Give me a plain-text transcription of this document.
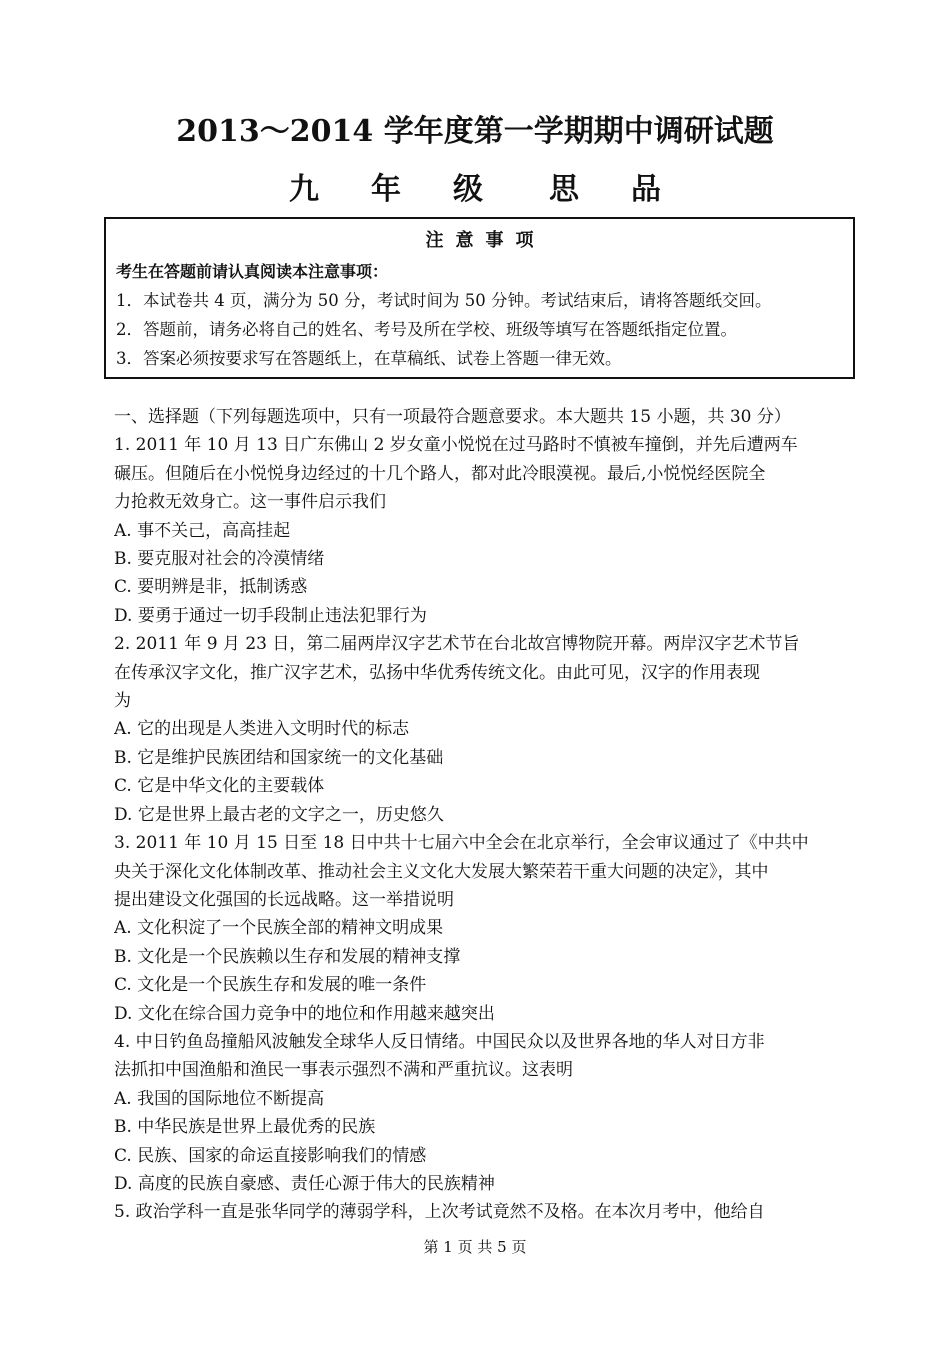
2013～2014 学年度第一学期期中调研试题
九 年 级 思 品
注 意 事 项
考生在答题前请认真阅读本注意事项：
1．本试卷共 4 页，满分为 50 分，考试时间为 50 分钟。考试结束后，请将答题纸交回。
2．答题前，请务必将自己的姓名、考号及所在学校、班级等填写在答题纸指定位置。
3．答案必须按要求写在答题纸上，在草稿纸、试卷上答题一律无效。
一、选择题（下列每题选项中，只有一项最符合题意要求。本大题共 15 小题，共 30 分）
1. 2011 年 10 月 13 日广东佛山 2 岁女童小悦悦在过马路时不慎被车撞倒，并先后遭两车
碾压。但随后在小悦悦身边经过的十几个路人，都对此冷眼漠视。最后,小悦悦经医院全
力抢救无效身亡。这一事件启示我们
A. 事不关己，高高挂起
B. 要克服对社会的冷漠情绪
C. 要明辨是非，抵制诱惑
D. 要勇于通过一切手段制止违法犯罪行为
2. 2011 年 9 月 23 日，第二届两岸汉字艺术节在台北故宫博物院开幕。两岸汉字艺术节旨
在传承汉字文化，推广汉字艺术，弘扬中华优秀传统文化。由此可见，汉字的作用表现
为
A. 它的出现是人类进入文明时代的标志
B. 它是维护民族团结和国家统一的文化基础
C. 它是中华文化的主要载体
D. 它是世界上最古老的文字之一，历史悠久
3. 2011 年 10 月 15 日至 18 日中共十七届六中全会在北京举行，全会审议通过了《中共中
央关于深化文化体制改革、推动社会主义文化大发展大繁荣若干重大问题的决定》，其中
提出建设文化强国的长远战略。这一举措说明
A. 文化积淀了一个民族全部的精神文明成果
B. 文化是一个民族赖以生存和发展的精神支撑
C. 文化是一个民族生存和发展的唯一条件
D. 文化在综合国力竞争中的地位和作用越来越突出
4. 中日钓鱼岛撞船风波触发全球华人反日情绪。中国民众以及世界各地的华人对日方非
法抓扣中国渔船和渔民一事表示强烈不满和严重抗议。这表明
A. 我国的国际地位不断提高
B. 中华民族是世界上最优秀的民族
C. 民族、国家的命运直接影响我们的情感
D. 高度的民族自豪感、责任心源于伟大的民族精神
5. 政治学科一直是张华同学的薄弱学科，上次考试竟然不及格。在本次月考中，他给自
第 1 页 共 5 页
